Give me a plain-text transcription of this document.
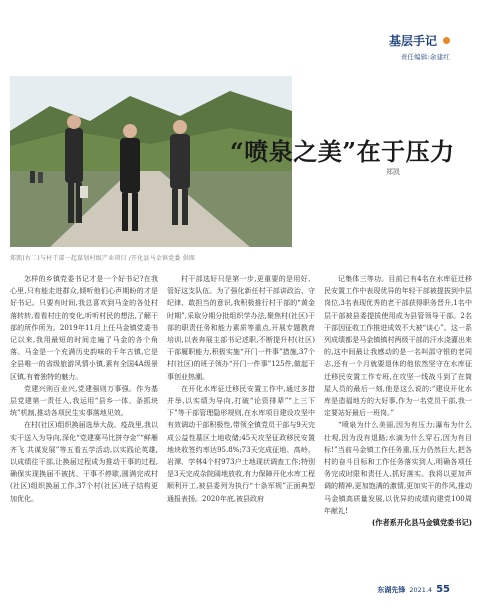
基层手记
责任编辑:余建红
郑凯(右二)与村干部一起谋划村级产业项目 /开化县马金镇党委 供图
“喷泉之美”在于压力
郑凯

怎样的乡镇党委书记才是一个好书记?在我心里,只有能走进群众,倾听他们心声期盼的才是好书记。只要有时间,我总喜欢到马金的各处村落转转,看看村庄的变化,听听村民的想法,了解干部的所作所为。2019年11月上任马金镇党委书记以来,我用最短的时间走遍了马金的各个角落。马金是一个充满历史韵味的千年古镇,它是全县唯一的省级旅游风情小镇,素有全国4A级景区镇,有着独特的魅力。

党建兴则百业兴,党建强则万事强。作为基层党建第一责任人,我运用“县乡一体、条抓块统”机制,推动各项民生实事落地见效。

在村(社区)组织换届选举大战、疫战里,我以实干送入为导向,深化“党建赛马比拼夺金”“鲜雁齐飞 共谋发展”等五看五学活动,以实践论英雄,以成绩往干部,让换届过程成为推动干事的过程,确保实现换届不被扰、干事不停歇,圆满完成村(社区)组织换届工作,37个村(社区)班子结构更加优化。

村干部选好只是第一步,更重要的是用好、管好这支队伍。为了强化新任村干部讲政治、守纪律、敢担当的意识,我积极推行村干部的“黄金时期”,采取分期分批组织学办法,聚焦村(社区)干部的职责任务和能力素质等重点,开展专题教育培训,以表奔展主部书记述职,不断提升村(社区)干部履职能力,积极实施“开门一件事”措施,37个村(社区)的班子领办“开门一件事”125件,做起干事创业热潮。

在开化水库征迁移民安置工作中,通过多措并举,以实绩为导向,打破“论资排辈”“上三下下”等干部管理隐形规则,在水库项目建设攻坚中有效调动干部积极性,带领全镇党员干部与9天完成公益性墓区土地收储;45天攻坚征政移民安置地块收签约率达95.8%;73天完成征地、高岭、岩潭、学林4个村973户土地现状调查工作;特别是3天完成杂院阔地放收,有力保障开化水库工程顺利开工,被县委列为执行“十条军规”正面典型通报表扬。2020年底,被县政府

记集体三等功。目前已有4名在水库征迁移民安置工作中表现优异的年轻干部被提拔到中层岗位,3名表现优秀的老干部获得职务晋升,1名中层干部被县委提拔使用成为县管领导干部。2名干部因征收工作推进成效不大被“谈心”。这一系列成绩都是马金镇镇村两级干部的汗水浇灌出来的,这中间最让我感动的是一名叫邵守银的老同志,还有一个月就要退休的他依然坚守在水库征迁移民安置工作专班,在攻坚一线战斗到了在筒屋人员的最后一刻,他是这么说的:“建设开化水库是造福地方的大好事,作为一名党员干部,我一定要站好最后一班岗。”

“喷泉为什么美丽,因为有压力;瀑布为什么壮观,因为没有退路;水滴为什么穿石,因为有目标!”当前马金镇工作任务重,压力仍然巨大,把各村的奋斗目标和工作任务落实到人,明确各项任务完成时限和责任人,抓好落实。我将以更加声调的精神,更加饱满的激情,更加实干的作风,推动马金镇高质量发展,以优异的成绩向建党100周年献礼!

(作者系开化县马金镇党委书记)

东湖先锋 2021.4 55
